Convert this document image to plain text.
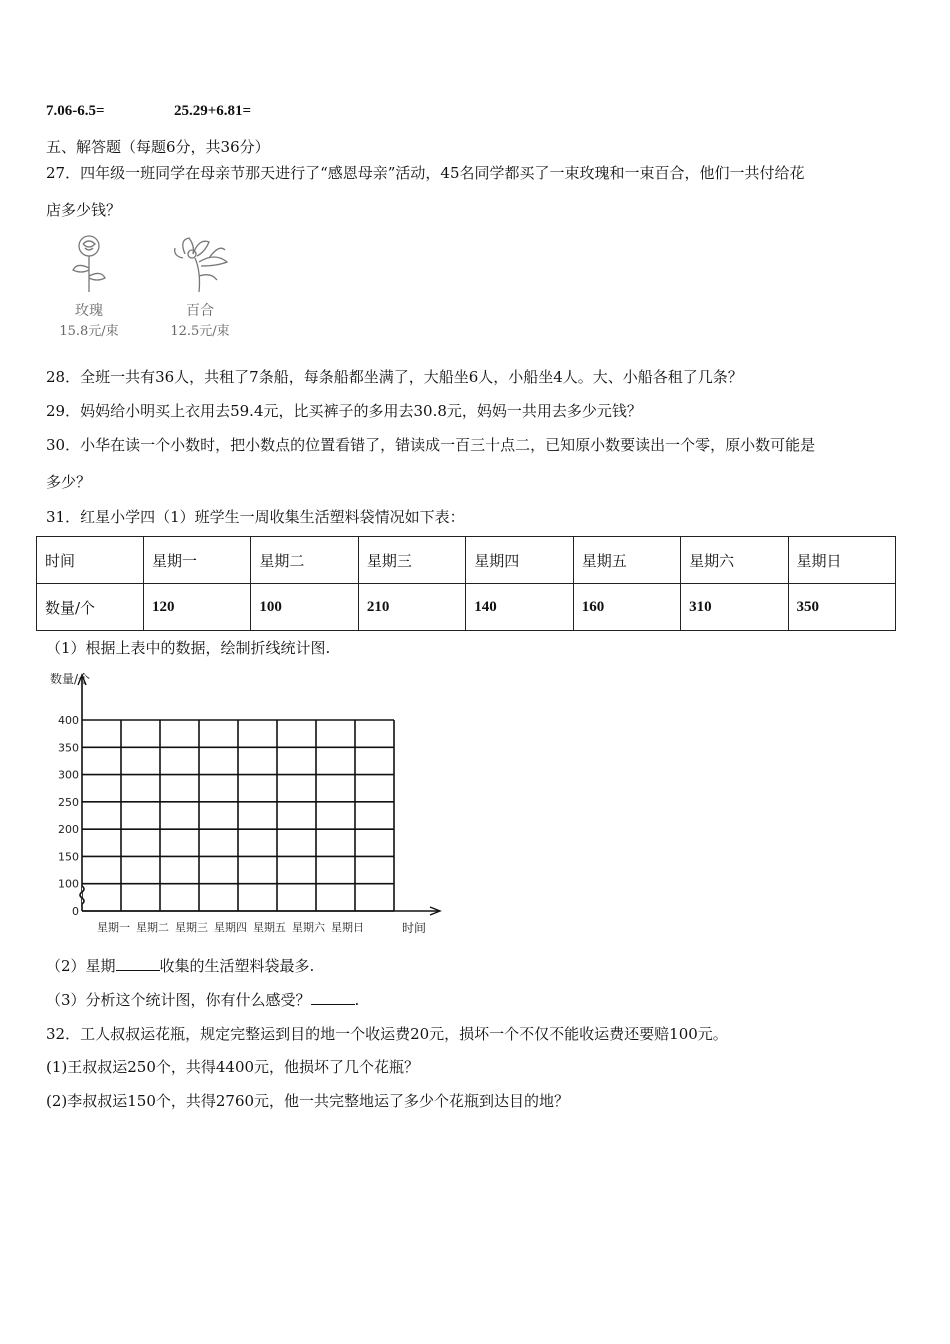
7.06-6.5=	25.29+6.81=
五、解答题（每题6分，共36分）
27．四年级一班同学在母亲节那天进行了“感恩母亲”活动，45名同学都买了一束玫瑰和一束百合，他们一共付给花
店多少钱？
玫瑰
15.8元/束
百合
12.5元/束
28．全班一共有36人，共租了7条船，每条船都坐满了，大船坐6人，小船坐4人。大、小船各租了几条？
29．妈妈给小明买上衣用去59.4元，比买裤子的多用去30.8元，妈妈一共用去多少元钱？
30．小华在读一个小数时，把小数点的位置看错了，错读成一百三十点二，已知原小数要读出一个零，原小数可能是
多少？
31．红星小学四（1）班学生一周收集生活塑料袋情况如下表：
时间	星期一	星期二	星期三	星期四	星期五	星期六	星期日
数量/个	120	100	210	140	160	310	350
（1）根据上表中的数据，绘制折线统计图.
0
100
150
200
250
300
350
400
星期一 星期二 星期三 星期四 星期五 星期六 星期日
数量/个
时间
（2）星期	收集的生活塑料袋最多.
（3）分析这个统计图，你有什么感受？	.
32．工人叔叔运花瓶，规定完整运到目的地一个收运费20元，损坏一个不仅不能收运费还要赔100元。
(1)王叔叔运250个，共得4400元，他损坏了几个花瓶？
(2)李叔叔运150个，共得2760元，他一共完整地运了多少个花瓶到达目的地？
